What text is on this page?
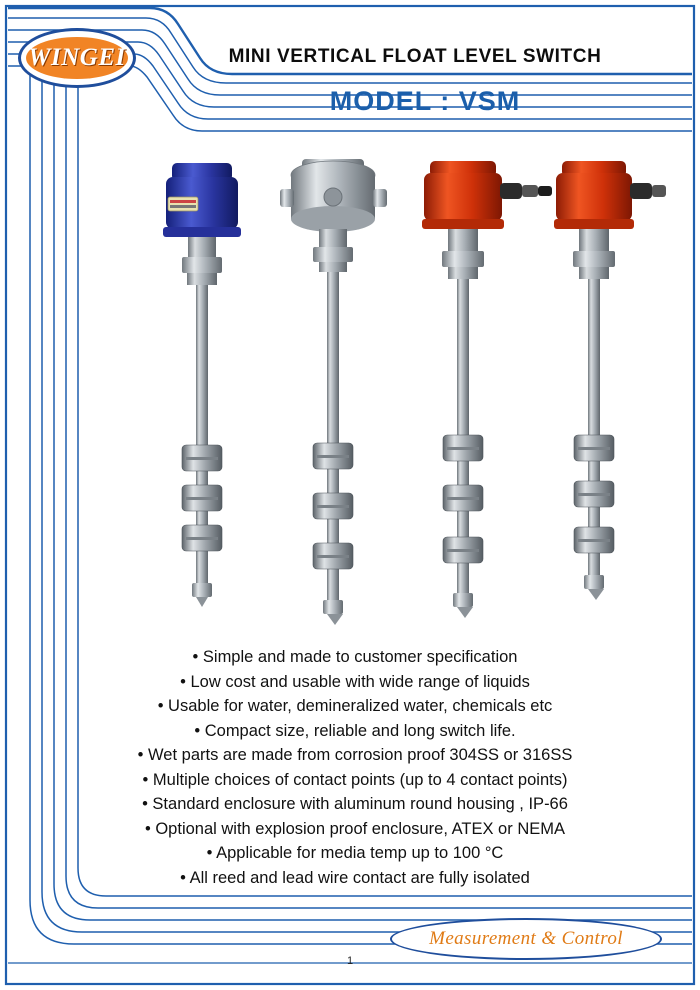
WINGEI	MINI VERTICAL FLOAT LEVEL SWITCH
MODEL : VSM
• Simple and made to customer specification
• Low cost and usable with wide range of liquids
• Usable for water, demineralized water, chemicals etc
• Compact size, reliable and long switch life.
• Wet parts are made from corrosion proof 304SS or 316SS
• Multiple choices of contact points (up to 4 contact points)
• Standard enclosure with aluminum round housing , IP-66
• Optional with explosion proof enclosure, ATEX or NEMA
• Applicable for media temp up to 100 °C
• All reed and lead wire contact are fully isolated
Measurement & Control
1
